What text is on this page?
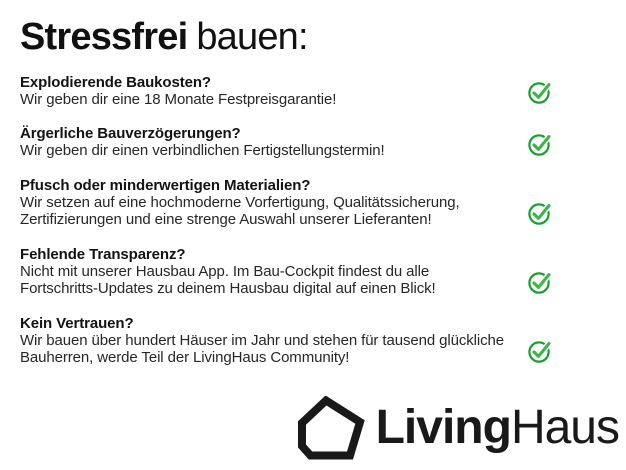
Stressfrei bauen:
Explodierende Baukosten?
Wir geben dir eine 18 Monate Festpreisgarantie!
Ärgerliche Bauverzögerungen?
Wir geben dir einen verbindlichen Fertigstellungstermin!
Pfusch oder minderwertigen Materialien?
Wir setzen auf eine hochmoderne Vorfertigung, Qualitätssicherung, Zertifizierungen und eine strenge Auswahl unserer Lieferanten!
Fehlende Transparenz?
Nicht mit unserer Hausbau App. Im Bau-Cockpit findest du alle Fortschritts-Updates zu deinem Hausbau digital auf einen Blick!
Kein Vertrauen?
Wir bauen über hundert Häuser im Jahr und stehen für tausend glückliche Bauherren, werde Teil der LivingHaus Community!
LivingHaus
